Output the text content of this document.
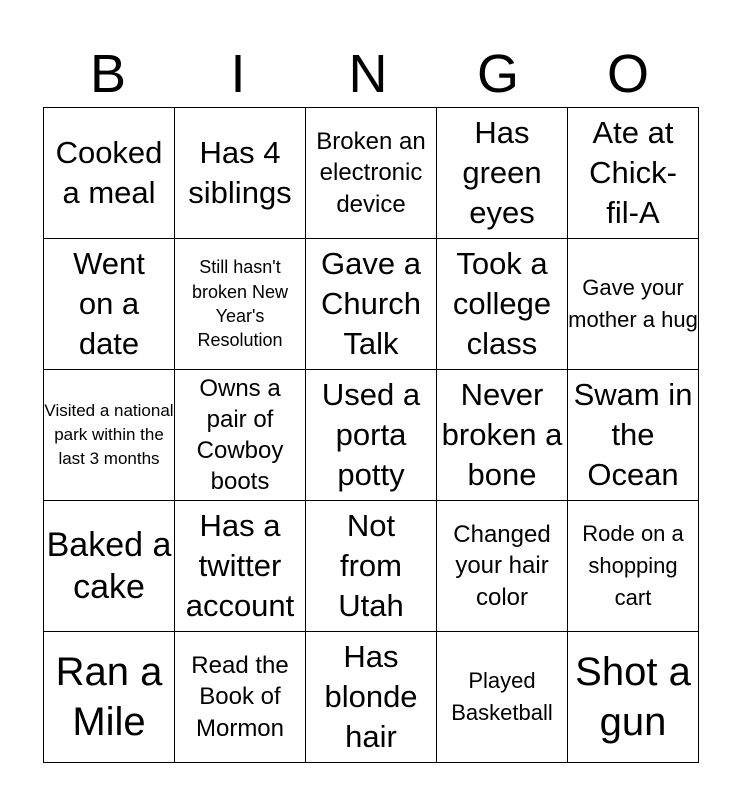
B	I	N	G	O
Cooked a meal	Has 4 siblings	Broken an electronic device	Has green eyes	Ate at Chick-fil-A

Went on a date	Still hasn't broken New Year's Resolution	Gave a Church Talk	Took a college class	Gave your mother a hug

Visited a national park within the last 3 months	Owns a pair of Cowboy boots	Used a porta potty	Never broken a bone	Swam in the Ocean

Baked a cake	Has a twitter account	Not from Utah	Changed your hair color	Rode on a shopping cart

Ran a Mile	Read the Book of Mormon	Has blonde hair	Played Basketball	Shot a gun
